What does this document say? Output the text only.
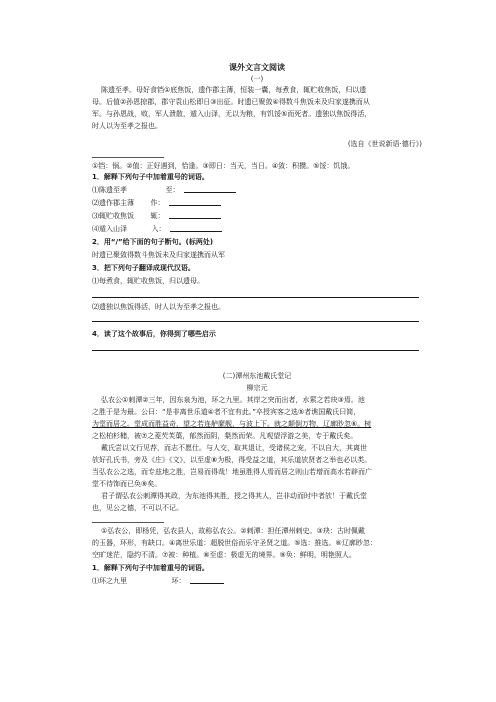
课外文言文阅读
(一)
陈遗至孝。母好食铛①底焦饭，遗作郡主薄，恒装一囊，每煮食，辄贮收焦饭，归以遗
母。后值②孙恩掠郡，郡守袁山松即日③出征。时遗已聚敛④得数斗焦饭未及归家遂携而从
军。与孙恩战，败，军人溃散，遁入山泽，无以为粮，有饥馁⑤而死者。遗独以焦饭得活，
时人以为至孝之报也。
(选自《世说新语·德行》)
①铛：锅。②值：正好遇到，恰逢。③即日：当天，当日。④敛：积攒。⑤馁：饥饿。
1．解释下列句子中加着重号的词语。
⑴陈遗至孝	至：
⑵遗作郡主薄 作：
⑶辄贮收焦饭 辄：
⑷遁入山泽	入：
2．用“/”给下面的句子断句。(标两处)
时遗已聚敛得数斗焦饭未及归家遂携而从军
3．把下列句子翻译成现代汉语。
⑴每煮食，辄贮收焦饭，归以遗母。
⑵遗独以焦饭得活，时人以为至孝之报也。
4．读了这个故事后，你得到了哪些启示
(二)潭州东池戴氏堂记
柳宗元
弘农公①刺潭②三年，因东泉为池，环之九里。其岸之突而出者，水萦之若玦③焉。池
之胜于是为最。公曰：“是非离世乐道④者不宜有此。”卒授宾客之选⑤者谯国戴氏曰简，
为堂而居之。堂成而胜益奇，望之若连舻縻舰，与波上下。就之颠倒万物，辽廓眇忽⑥。树
之松柏杉槠，被⑦之菱芡芙蕖，郁然而阴，粲然而荣。凡观望浮游之美，专于戴氏矣。
戴氏尝以文行见荐，而志不愿仕。与人交，取其退让，受诸侯之宠，不以自大，其离世
欤好孔氏书，旁及《庄》《文》，以至虚⑧为极，得受益之道，其乐道欤贤者之举也必以类。
当弘农公之选，而专兹地之胜，岂易而得哉！地虽胜得人焉而居之则山若增而高水若辟而广
堂不待饰而已奂⑨矣。
君子谓弘农公刺潭得其政，为东池得其胜，授之得其人，岂非动而时中者欤！于戴氏堂
也，见公之德，不可以不记。
①弘农公，即杨凭，弘农县人，故称弘农公。②刺潭：担任潭州刺史。③玦：古时佩戴
的玉器，环形，有缺口。④离世乐道：超脱世俗而乐守圣贤之道。⑤选：推选。⑥辽廓眇忽：
空旷迷茫，隐约不清。⑦被：种植。⑧至虚：极虚无的境界。⑨奂：鲜明，明艳照人。
1．解释下列句子中加着重号的词语。
⑴环之九里	环：
